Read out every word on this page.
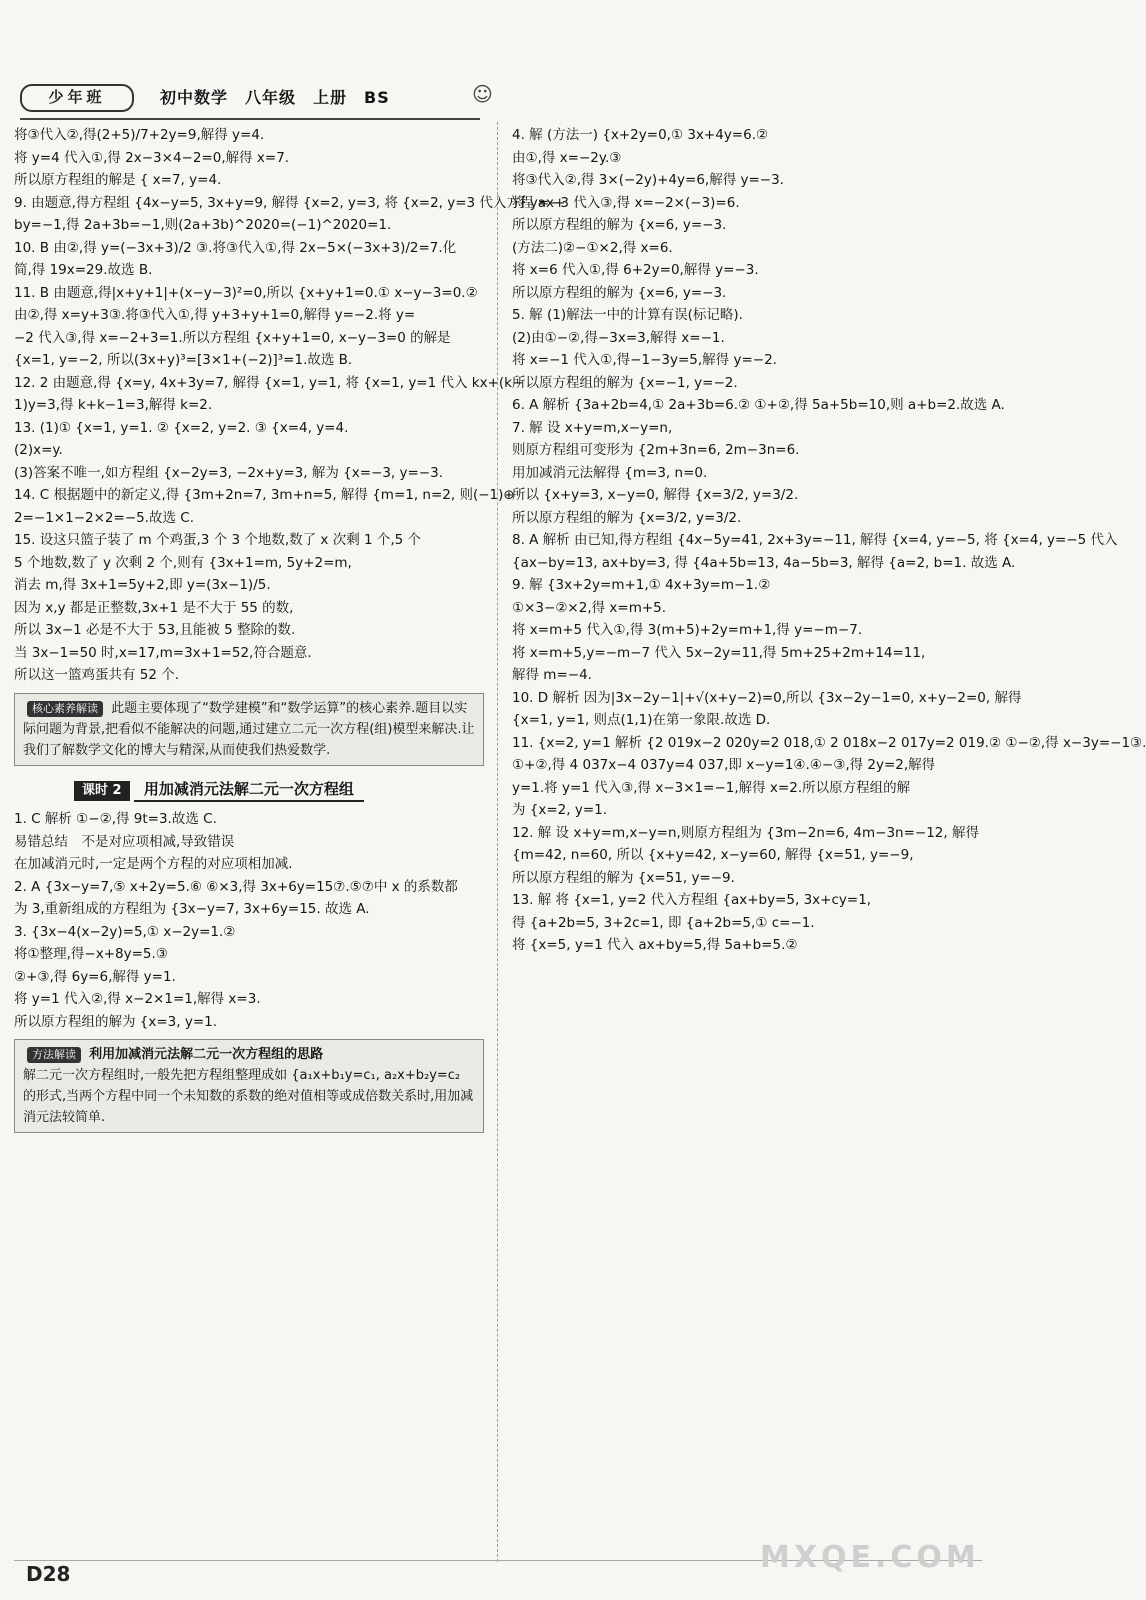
少年班	初中数学　八年级　上册　BS	☺
将③代入②,得(2+5)/7+2y=9,解得 y=4.
将 y=4 代入①,得 2x−3×4−2=0,解得 x=7.
所以原方程组的解是 { x=7, y=4.
9. 由题意,得方程组 {4x−y=5, 3x+y=9, 解得 {x=2, y=3, 将 {x=2, y=3 代入方程 ax+
by=−1,得 2a+3b=−1,则(2a+3b)^2020=(−1)^2020=1.
10. B 由②,得 y=(−3x+3)/2 ③.将③代入①,得 2x−5×(−3x+3)/2=7.化
简,得 19x=29.故选 B.
11. B 由题意,得|x+y+1|+(x−y−3)²=0,所以 {x+y+1=0.① x−y−3=0.②
由②,得 x=y+3③.将③代入①,得 y+3+y+1=0,解得 y=−2.将 y=
−2 代入③,得 x=−2+3=1.所以方程组 {x+y+1=0, x−y−3=0 的解是
{x=1, y=−2, 所以(3x+y)³=[3×1+(−2)]³=1.故选 B.
12. 2 由题意,得 {x=y, 4x+3y=7, 解得 {x=1, y=1, 将 {x=1, y=1 代入 kx+(k−
1)y=3,得 k+k−1=3,解得 k=2.
13. (1)① {x=1, y=1. ② {x=2, y=2. ③ {x=4, y=4.
(2)x=y.
(3)答案不唯一,如方程组 {x−2y=3, −2x+y=3, 解为 {x=−3, y=−3.
14. C 根据题中的新定义,得 {3m+2n=7, 3m+n=5, 解得 {m=1, n=2, 则(−1)⊕
2=−1×1−2×2=−5.故选 C.
15. 设这只篮子装了 m 个鸡蛋,3 个 3 个地数,数了 x 次剩 1 个,5 个
5 个地数,数了 y 次剩 2 个,则有 {3x+1=m, 5y+2=m,
消去 m,得 3x+1=5y+2,即 y=(3x−1)/5.
因为 x,y 都是正整数,3x+1 是不大于 55 的数,
所以 3x−1 必是不大于 53,且能被 5 整除的数.
当 3x−1=50 时,x=17,m=3x+1=52,符合题意.
所以这一篮鸡蛋共有 52 个.
核心素养解读 此题主要体现了“数学建模”和“数学运算”的核心素养.题目以实际问题为背景,把看似不能解决的问题,通过建立二元一次方程(组)模型来解决.让我们了解数学文化的博大与精深,从而使我们热爱数学.
课时 2 用加减消元法解二元一次方程组
1. C 解析 ①−②,得 9t=3.故选 C.
易错总结　不是对应项相减,导致错误
在加减消元时,一定是两个方程的对应项相加减.
2. A {3x−y=7,⑤ x+2y=5.⑥ ⑥×3,得 3x+6y=15⑦.⑤⑦中 x 的系数都
为 3,重新组成的方程组为 {3x−y=7, 3x+6y=15. 故选 A.
3. {3x−4(x−2y)=5,① x−2y=1.②
将①整理,得−x+8y=5.③
②+③,得 6y=6,解得 y=1.
将 y=1 代入②,得 x−2×1=1,解得 x=3.
所以原方程组的解为 {x=3, y=1.
方法解读 利用加减消元法解二元一次方程组的思路
解二元一次方程组时,一般先把方程组整理成如 {a₁x+b₁y=c₁, a₂x+b₂y=c₂ 的形式,当两个方程中同一个未知数的系数的绝对值相等或成倍数关系时,用加减消元法较简单.
4. 解 (方法一) {x+2y=0,① 3x+4y=6.②
由①,得 x=−2y.③
将③代入②,得 3×(−2y)+4y=6,解得 y=−3.
将 y=−3 代入③,得 x=−2×(−3)=6.
所以原方程组的解为 {x=6, y=−3.
(方法二)②−①×2,得 x=6.
将 x=6 代入①,得 6+2y=0,解得 y=−3.
所以原方程组的解为 {x=6, y=−3.
5. 解 (1)解法一中的计算有误(标记略).
(2)由①−②,得−3x=3,解得 x=−1.
将 x=−1 代入①,得−1−3y=5,解得 y=−2.
所以原方程组的解为 {x=−1, y=−2.
6. A 解析 {3a+2b=4,① 2a+3b=6.② ①+②,得 5a+5b=10,则 a+b=2.故选 A.
7. 解 设 x+y=m,x−y=n,
则原方程组可变形为 {2m+3n=6, 2m−3n=6.
用加减消元法解得 {m=3, n=0.
所以 {x+y=3, x−y=0, 解得 {x=3/2, y=3/2.
所以原方程组的解为 {x=3/2, y=3/2.
8. A 解析 由已知,得方程组 {4x−5y=41, 2x+3y=−11, 解得 {x=4, y=−5, 将 {x=4, y=−5 代入
{ax−by=13, ax+by=3, 得 {4a+5b=13, 4a−5b=3, 解得 {a=2, b=1. 故选 A.
9. 解 {3x+2y=m+1,① 4x+3y=m−1.②
①×3−②×2,得 x=m+5.
将 x=m+5 代入①,得 3(m+5)+2y=m+1,得 y=−m−7.
将 x=m+5,y=−m−7 代入 5x−2y=11,得 5m+25+2m+14=11,
解得 m=−4.
10. D 解析 因为|3x−2y−1|+√(x+y−2)=0,所以 {3x−2y−1=0, x+y−2=0, 解得
{x=1, y=1, 则点(1,1)在第一象限.故选 D.
11. {x=2, y=1 解析 {2 019x−2 020y=2 018,① 2 018x−2 017y=2 019.② ①−②,得 x−3y=−1③.
①+②,得 4 037x−4 037y=4 037,即 x−y=1④.④−③,得 2y=2,解得
y=1.将 y=1 代入③,得 x−3×1=−1,解得 x=2.所以原方程组的解
为 {x=2, y=1.
12. 解 设 x+y=m,x−y=n,则原方程组为 {3m−2n=6, 4m−3n=−12, 解得
{m=42, n=60, 所以 {x+y=42, x−y=60, 解得 {x=51, y=−9,
所以原方程组的解为 {x=51, y=−9.
13. 解 将 {x=1, y=2 代入方程组 {ax+by=5, 3x+cy=1,
得 {a+2b=5, 3+2c=1, 即 {a+2b=5,① c=−1.
将 {x=5, y=1 代入 ax+by=5,得 5a+b=5.②
D28	MXQE.COM
